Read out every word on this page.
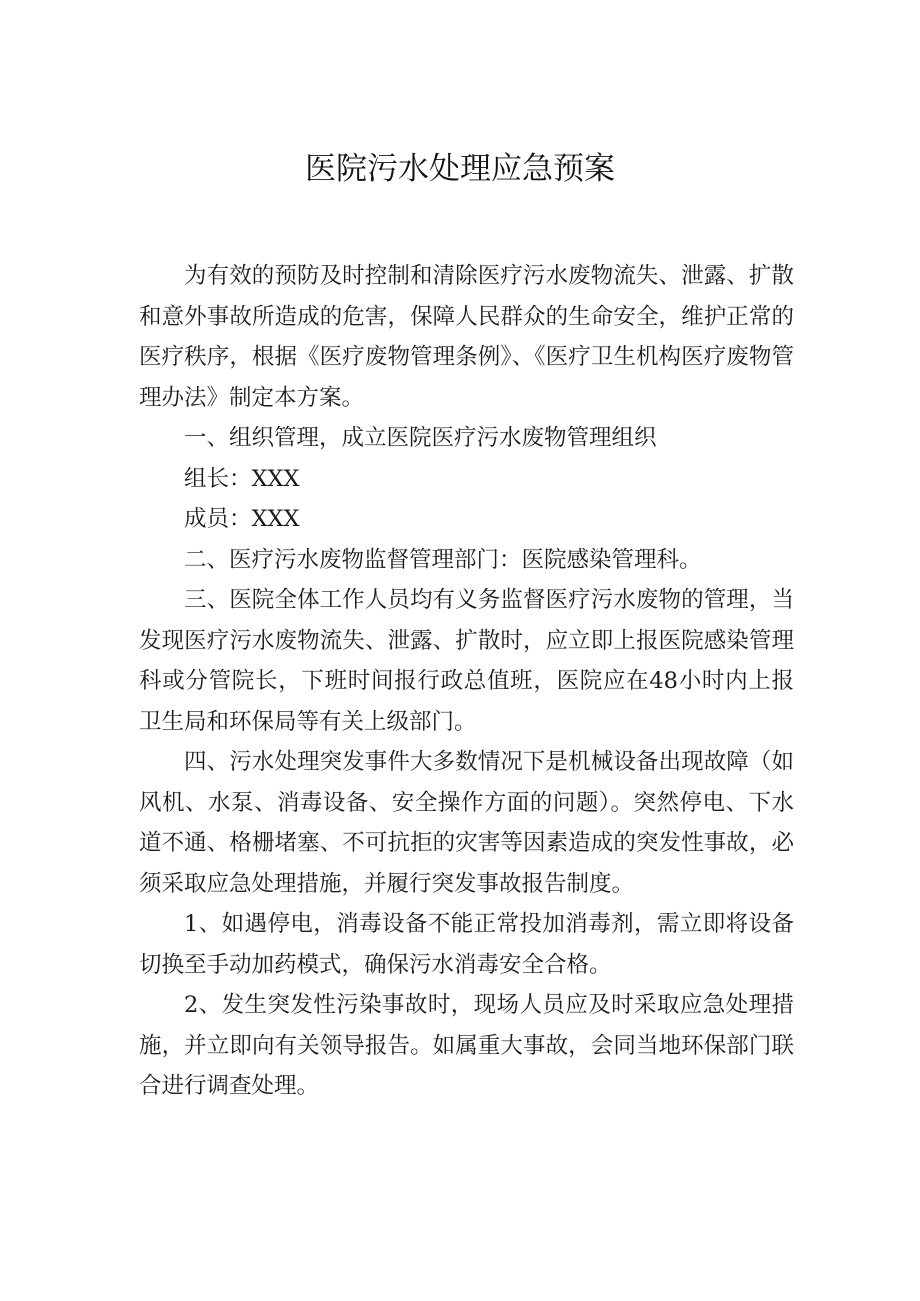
医院污水处理应急预案

为有效的预防及时控制和清除医疗污水废物流失、泄露、扩散和意外事故所造成的危害，保障人民群众的生命安全，维护正常的医疗秩序，根据《医疗废物管理条例》、《医疗卫生机构医疗废物管理办法》制定本方案。

一、组织管理，成立医院医疗污水废物管理组织

组长：XXX

成员：XXX

二、医疗污水废物监督管理部门：医院感染管理科。

三、医院全体工作人员均有义务监督医疗污水废物的管理，当发现医疗污水废物流失、泄露、扩散时，应立即上报医院感染管理科或分管院长，下班时间报行政总值班，医院应在48小时内上报卫生局和环保局等有关上级部门。

四、污水处理突发事件大多数情况下是机械设备出现故障（如风机、水泵、消毒设备、安全操作方面的问题）。突然停电、下水道不通、格栅堵塞、不可抗拒的灾害等因素造成的突发性事故，必须采取应急处理措施，并履行突发事故报告制度。

1、如遇停电，消毒设备不能正常投加消毒剂，需立即将设备切换至手动加药模式，确保污水消毒安全合格。

2、发生突发性污染事故时，现场人员应及时采取应急处理措施，并立即向有关领导报告。如属重大事故，会同当地环保部门联合进行调查处理。
